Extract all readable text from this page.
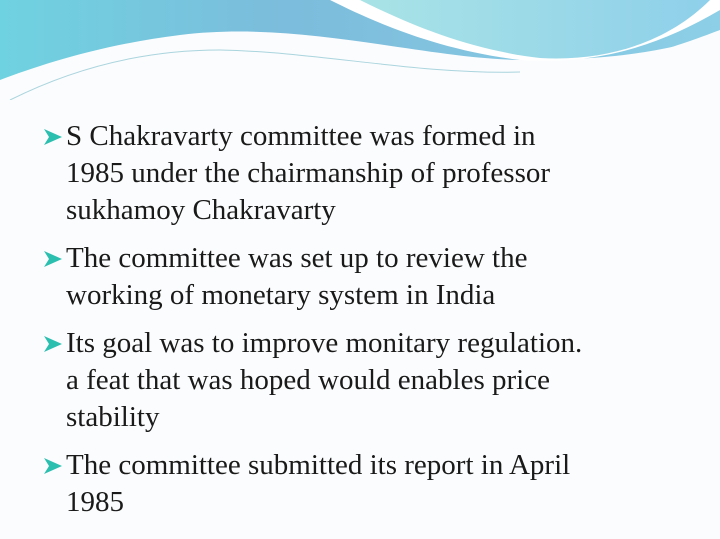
S Chakravarty committee was formed in
1985 under the chairmanship of professor
sukhamoy Chakravarty
The committee was set up to review the
working of monetary system in India
Its goal was to improve monitary regulation.
a feat that was hoped would enables price
stability
The committee submitted its report in April
1985
